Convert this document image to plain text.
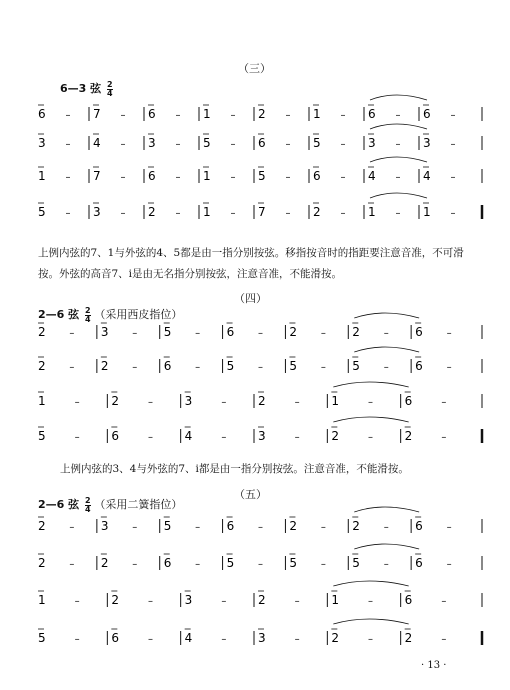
（三）
6—3 弦 $\frac{2}{4}$
6 – 7 – 6 – 1 – 2 – 1 – 6 – 6 –
3 – 4 – 3 – 5 – 6 – 5 – 3 – 3 –
1 – 7 – 6 – 1 – 5 – 6 – 4 – 4 –
5 – 3 – 2 – 1 – 7 – 2 – 1 – 1 –
2 – 3 – 5 – 6 – 2 – 2 – 6 –
2 – 2 – 6 – 5 – 5 – 5 – 6 –
1	–	2	–	3	–	2	–	1	–	6	–
5	–	6	–	4	–	3	–	2	–	2	–
2 – 3 – 5 – 6 – 2 – 2 – 6 –
2 – 2 – 6 – 5 – 5 – 5 – 6 –
1	–	2	–	3	–	2	–	1	–	6	–
5	–	6	–	4	–	3	–	2	–	2	–
上例内弦的7、1与外弦的4、5都是由一指分别按弦。移指按音时的指距要注意音准，不可滑按。外弦的高音7、i是由无名指分别按弦，注意音准，不能滑按。
（四）
2—6 弦 $\frac{2}{4}$ （采用西皮指位）
上例内弦的3、4与外弦的7、i都是由一指分别按弦。注意音准，不能滑按。
（五）
2—6 弦 $\frac{2}{4}$ （采用二簧指位）
· 13 ·
